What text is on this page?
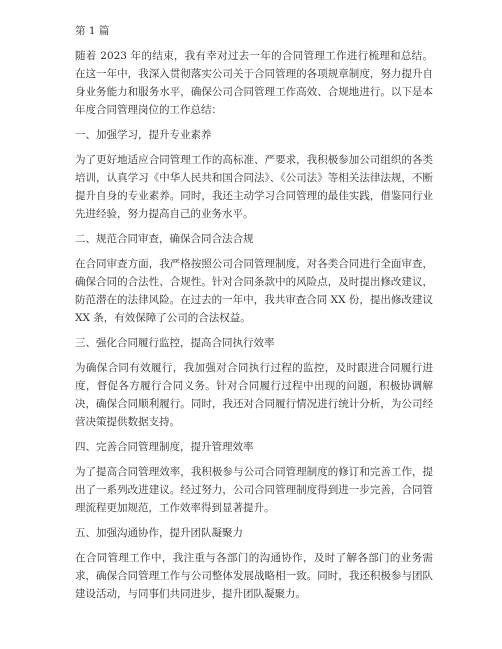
第 1 篇

随着 2023 年的结束，我有幸对过去一年的合同管理工作进行梳理和总结。在这一年中，我深入贯彻落实公司关于合同管理的各项规章制度，努力提升自身业务能力和服务水平，确保公司合同管理工作高效、合规地进行。以下是本年度合同管理岗位的工作总结：

一、加强学习，提升专业素养

为了更好地适应合同管理工作的高标准、严要求，我积极参加公司组织的各类培训，认真学习《中华人民共和国合同法》、《公司法》等相关法律法规，不断提升自身的专业素养。同时，我还主动学习合同管理的最佳实践，借鉴同行业先进经验，努力提高自己的业务水平。

二、规范合同审查，确保合同合法合规

在合同审查方面，我严格按照公司合同管理制度，对各类合同进行全面审查，确保合同的合法性、合规性。针对合同条款中的风险点，及时提出修改建议，防范潜在的法律风险。在过去的一年中，我共审查合同 XX 份，提出修改建议 XX 条，有效保障了公司的合法权益。

三、强化合同履行监控，提高合同执行效率

为确保合同有效履行，我加强对合同执行过程的监控，及时跟进合同履行进度，督促各方履行合同义务。针对合同履行过程中出现的问题，积极协调解决，确保合同顺利履行。同时，我还对合同履行情况进行统计分析，为公司经营决策提供数据支持。

四、完善合同管理制度，提升管理效率

为了提高合同管理效率，我积极参与公司合同管理制度的修订和完善工作，提出了一系列改进建议。经过努力，公司合同管理制度得到进一步完善，合同管理流程更加规范，工作效率得到显著提升。

五、加强沟通协作，提升团队凝聚力

在合同管理工作中，我注重与各部门的沟通协作，及时了解各部门的业务需求，确保合同管理工作与公司整体发展战略相一致。同时，我还积极参与团队建设活动，与同事们共同进步，提升团队凝聚力。
